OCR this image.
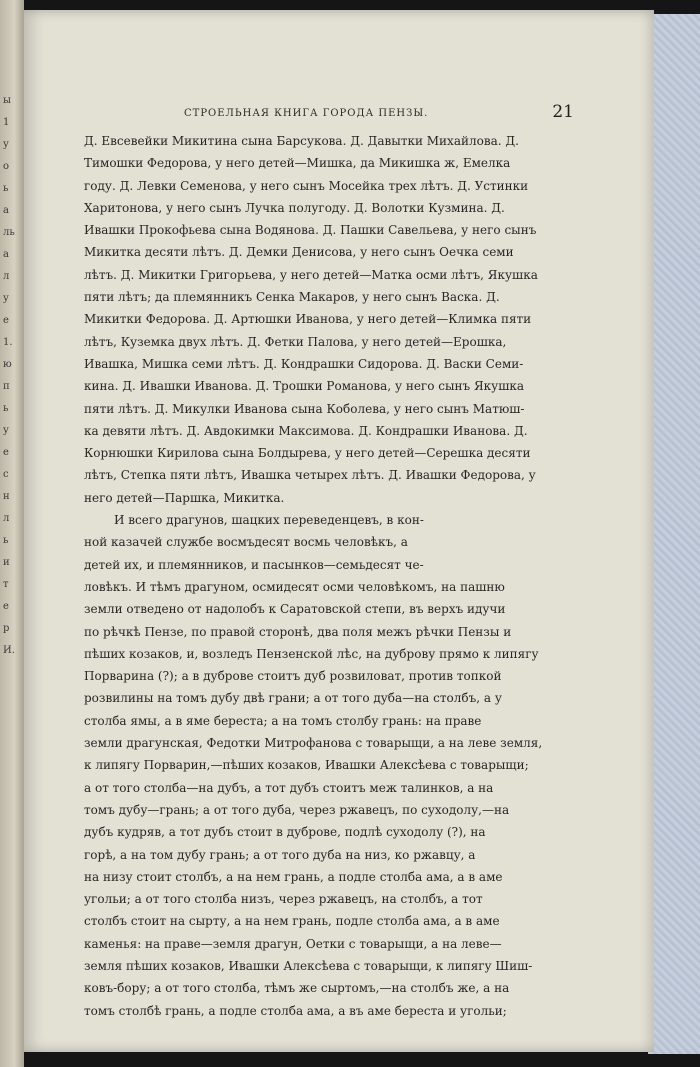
ы
1
у
о
ь
а
ль
а
л
у
е
1.
ю
п
ь
у
е
с
н
л
ь
и
т
е
р
И.
СТРОЕЛЬНАЯ КНИГА ГОРОДА ПЕНЗЫ.	21
Д. Евсевейки Микитина сына Барсукова. Д. Давытки Михайлова. Д.
Тимошки Федорова, у него детей—Мишка, да Микишка ж, Емелка
году. Д. Левки Семенова, у него сынъ Мосейка трех лѣтъ. Д. Устинки
Харитонова, у него сынъ Лучка полугоду. Д. Волотки Кузмина. Д.
Ивашки Прокофьева сына Водянова. Д. Пашки Савельева, у него сынъ
Микитка десяти лѣтъ. Д. Демки Денисова, у него сынъ Оечка семи
лѣтъ. Д. Микитки Григорьева, у него детей—Матка осми лѣтъ, Якушка
пяти лѣтъ; да племянникъ Сенка Макаров, у него сынъ Васка. Д.
Микитки Федорова. Д. Артюшки Иванова, у него детей—Климка пяти
лѣтъ, Куземка двух лѣтъ. Д. Фетки Палова, у него детей—Ерошка,
Ивашка, Мишка семи лѣтъ. Д. Кондрашки Сидорова. Д. Васки Семи-
кина. Д. Ивашки Иванова. Д. Трошки Романова, у него сынъ Якушка
пяти лѣтъ. Д. Микулки Иванова сына Коболева, у него сынъ Матюш-
ка девяти лѣтъ. Д. Авдокимки Максимова. Д. Кондрашки Иванова. Д.
Корнюшки Кирилова сына Болдырева, у него детей—Серешка десяти
лѣтъ, Степка пяти лѣтъ, Ивашка четырех лѣтъ. Д. Ивашки Федорова, у
него детей—Паршка, Микитка.
И всего драгунов, шацких переведенцевъ, в кон-
ной казачей службе восмъдесят восмь человѣкъ, а
детей их, и племянников, и пасынков—семьдесят че-
ловѣкъ. И тѣмъ драгуном, осмидесят осми человѣкомъ, на пашню
земли отведено от надолобъ к Саратовской степи, въ верхъ идучи
по рѣчкѣ Пензе, по правой сторонѣ, два поля межъ рѣчки Пензы и
пѣших козаков, и, возледъ Пензенской лѣс, на дуброву прямо к липягу
Порварина (?); а в дуброве стоитъ дуб розвиловат, против топкой
розвилины на томъ дубу двѣ грани; а от того дуба—на столбъ, а у
столба ямы, а в яме береста; а на томъ столбу грань: на праве
земли драгунская, Федотки Митрофанова с товарыщи, а на леве земля,
к липягу Порварин,—пѣших козаков, Ивашки Алексѣева с товарыщи;
а от того столба—на дубъ, а тот дубъ стоитъ меж талинков, а на
томъ дубу—грань; а от того дуба, через ржавецъ, по суходолу,—на
дубъ кудряв, а тот дубъ стоит в дуброве, подлѣ суходолу (?), на
горѣ, а на том дубу грань; а от того дуба на низ, ко ржавцу, а
на низу стоит столбъ, а на нем грань, а подле столба ама, а в аме
угольи; а от того столба низъ, через ржавецъ, на столбъ, а тот
столбъ стоит на сырту, а на нем грань, подле столба ама, а в аме
каменья: на праве—земля драгун, Оетки с товарыщи, а на леве—
земля пѣших козаков, Ивашки Алексѣева с товарыщи, к липягу Шиш-
ковъ-бору; а от того столба, тѣмъ же сыртомъ,—на столбъ же, а на
томъ столбѣ грань, а подле столба ама, а въ аме береста и угольи;
